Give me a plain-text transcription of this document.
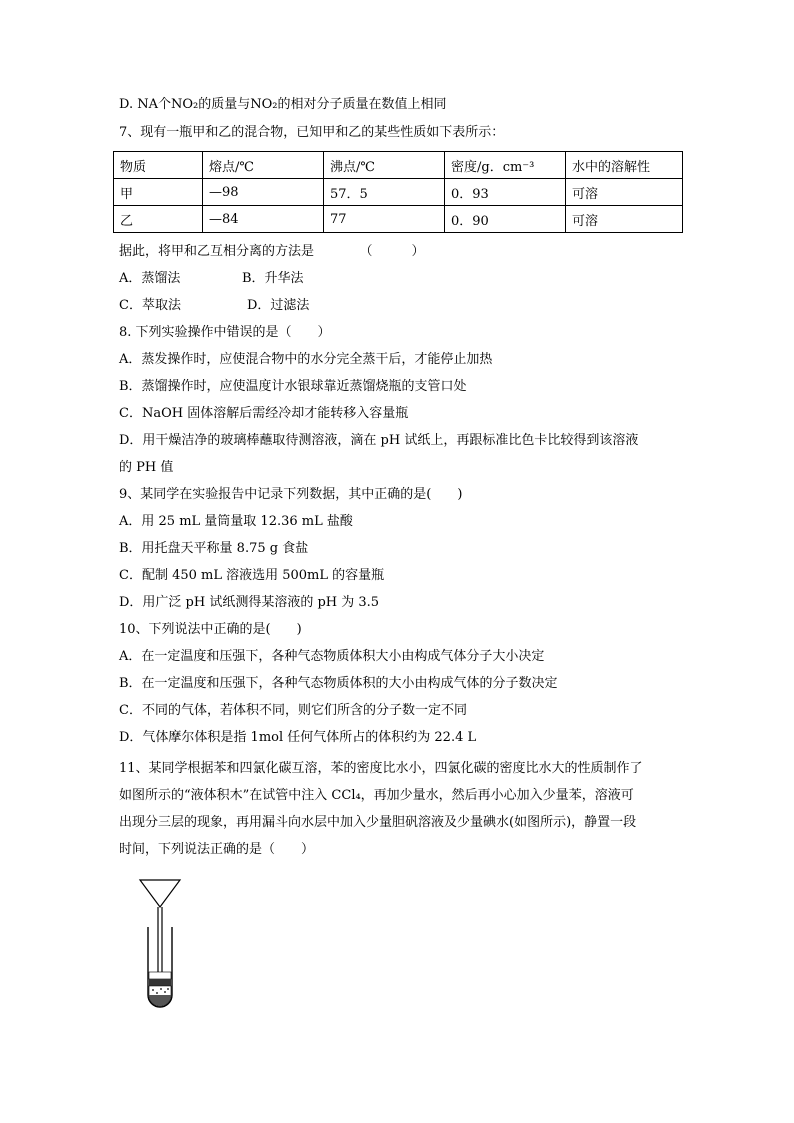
D. NA个NO₂的质量与NO₂的相对分子质量在数值上相同
7、现有一瓶甲和乙的混合物，已知甲和乙的某些性质如下表所示：
物质	熔点/℃	沸点/℃	密度/g．cm⁻³	水中的溶解性
甲	—98	57．5	0．93	可溶
乙	—84	77	0．90	可溶
据此，将甲和乙互相分离的方法是　　　　（　　　）
A．蒸馏法	B．升华法
C．萃取法	D．过滤法
8. 下列实验操作中错误的是（　　）
A．蒸发操作时，应使混合物中的水分完全蒸干后，才能停止加热
B．蒸馏操作时，应使温度计水银球靠近蒸馏烧瓶的支管口处
C．NaOH 固体溶解后需经冷却才能转移入容量瓶
D．用干燥洁净的玻璃棒蘸取待测溶液，滴在 pH 试纸上，再跟标准比色卡比较得到该溶液
的 PH 值
9、某同学在实验报告中记录下列数据，其中正确的是(　　)
A．用 25 mL 量筒量取 12.36 mL 盐酸
B．用托盘天平称量 8.75 g 食盐
C．配制 450 mL 溶液选用 500mL 的容量瓶
D．用广泛 pH 试纸测得某溶液的 pH 为 3.5
10、下列说法中正确的是(　　)
A．在一定温度和压强下，各种气态物质体积大小由构成气体分子大小决定
B．在一定温度和压强下，各种气态物质体积的大小由构成气体的分子数决定
C．不同的气体，若体积不同，则它们所含的分子数一定不同
D．气体摩尔体积是指 1mol 任何气体所占的体积约为 22.4 L
11、某同学根据苯和四氯化碳互溶，苯的密度比水小，四氯化碳的密度比水大的性质制作了
如图所示的“液体积木”在试管中注入 CCl₄，再加少量水，然后再小心加入少量苯，溶液可
出现分三层的现象，再用漏斗向水层中加入少量胆矾溶液及少量碘水(如图所示)，静置一段
时间，下列说法正确的是（　　）
